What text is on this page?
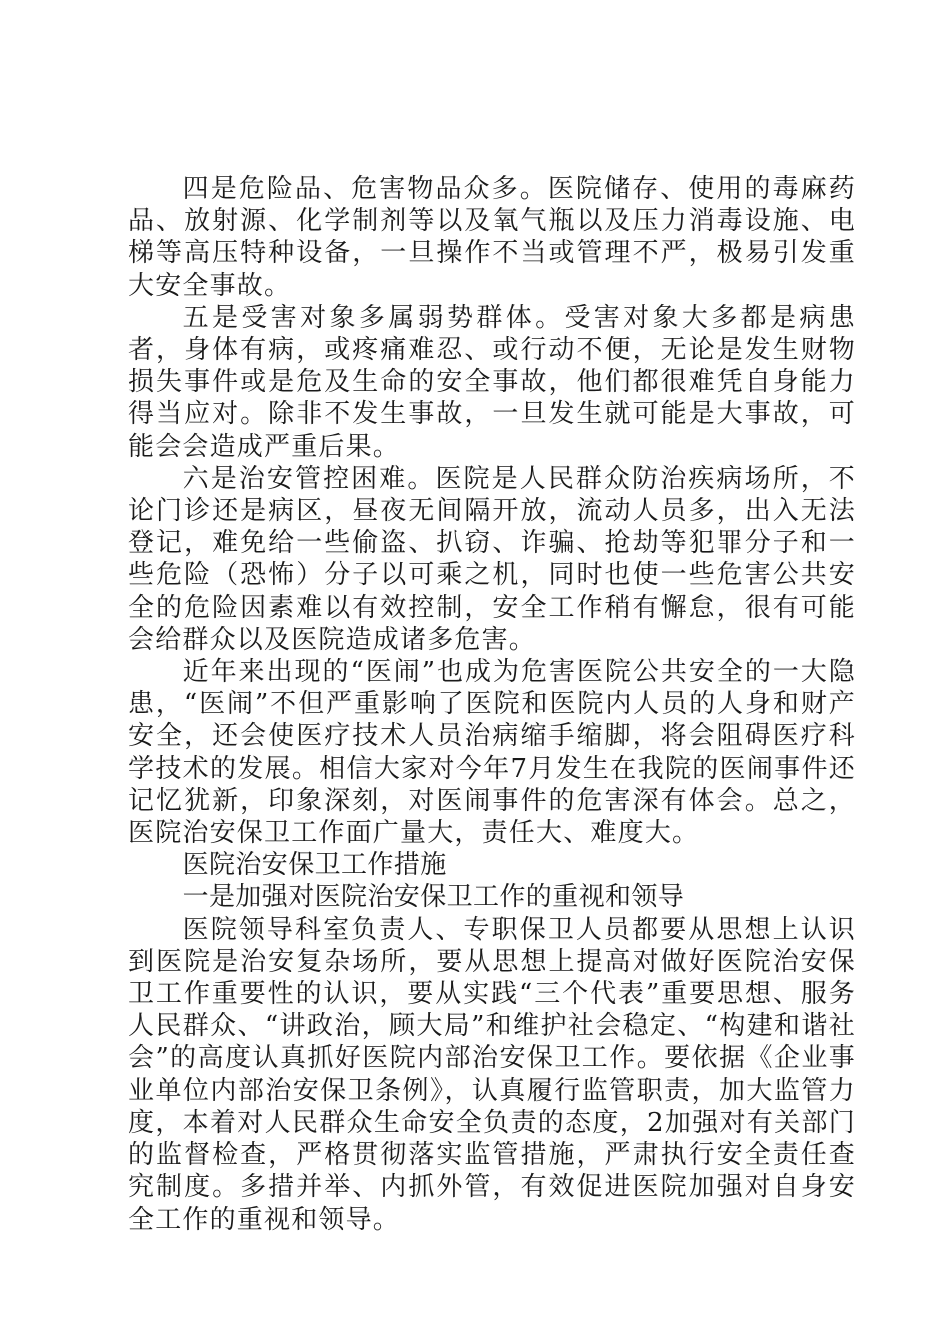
四是危险品、危害物品众多。医院储存、使用的毒麻药品、放射源、化学制剂等以及氧气瓶以及压力消毒设施、电梯等高压特种设备，一旦操作不当或管理不严，极易引发重大安全事故。

五是受害对象多属弱势群体。受害对象大多都是病患者，身体有病，或疼痛难忍、或行动不便，无论是发生财物损失事件或是危及生命的安全事故，他们都很难凭自身能力得当应对。除非不发生事故，一旦发生就可能是大事故，可能会会造成严重后果。

六是治安管控困难。医院是人民群众防治疾病场所，不论门诊还是病区，昼夜无间隔开放，流动人员多，出入无法登记，难免给一些偷盗、扒窃、诈骗、抢劫等犯罪分子和一些危险（恐怖）分子以可乘之机，同时也使一些危害公共安全的危险因素难以有效控制，安全工作稍有懈怠，很有可能会给群众以及医院造成诸多危害。

近年来出现的“医闹”也成为危害医院公共安全的一大隐患，“医闹”不但严重影响了医院和医院内人员的人身和财产安全，还会使医疗技术人员治病缩手缩脚，将会阻碍医疗科学技术的发展。相信大家对今年7月发生在我院的医闹事件还记忆犹新，印象深刻，对医闹事件的危害深有体会。总之，医院治安保卫工作面广量大，责任大、难度大。

医院治安保卫工作措施

一是加强对医院治安保卫工作的重视和领导

医院领导科室负责人、专职保卫人员都要从思想上认识到医院是治安复杂场所，要从思想上提高对做好医院治安保卫工作重要性的认识，要从实践“三个代表”重要思想、服务人民群众、“讲政治，顾大局”和维护社会稳定、“构建和谐社会”的高度认真抓好医院内部治安保卫工作。要依据《企业事业单位内部治安保卫条例》，认真履行监管职责，加大监管力度，本着对人民群众生命安全负责的态度，2加强对有关部门的监督检查，严格贯彻落实监管措施，严肃执行安全责任查究制度。多措并举、内抓外管，有效促进医院加强对自身安全工作的重视和领导。
